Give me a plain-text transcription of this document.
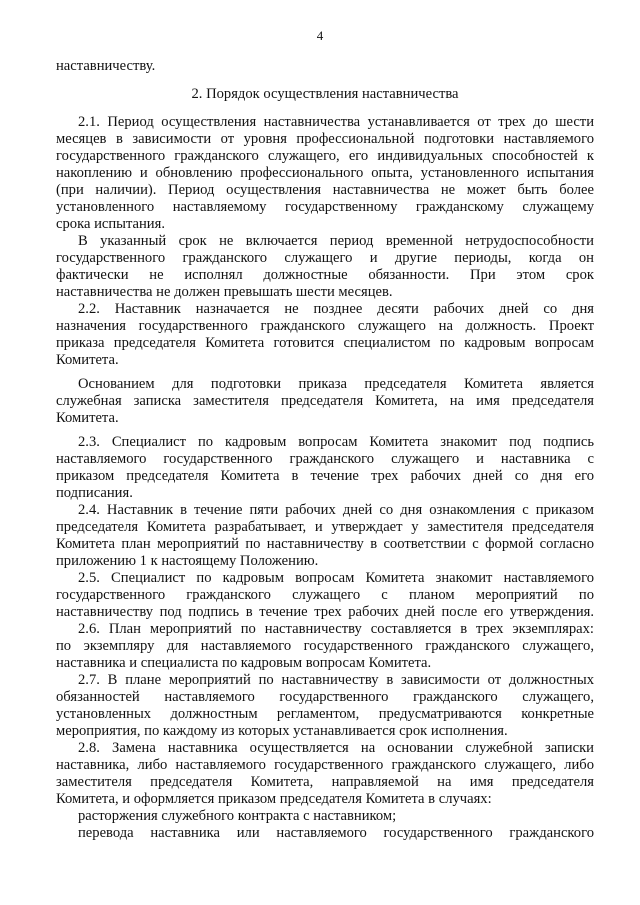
4
наставничеству.
2. Порядок осуществления наставничества
2.1. Период осуществления наставничества устанавливается от трех до шести
месяцев в зависимости от уровня профессиональной подготовки наставляемого
государственного гражданского служащего, его индивидуальных способностей к
накоплению и обновлению профессионального опыта, установленного испытания
(при наличии). Период осуществления наставничества не может быть более
установленного наставляемому государственному гражданскому служащему
срока испытания.
В указанный срок не включается период временной нетрудоспособности
государственного гражданского служащего и другие периоды, когда он
фактически не исполнял должностные обязанности. При этом срок
наставничества не должен превышать шести месяцев.
2.2. Наставник назначается не позднее десяти рабочих дней со дня
назначения государственного гражданского служащего на должность. Проект
приказа председателя Комитета готовится специалистом по кадровым вопросам
Комитета.
Основанием для подготовки приказа председателя Комитета является
служебная записка заместителя председателя Комитета, на имя председателя
Комитета.
2.3. Специалист по кадровым вопросам Комитета знакомит под подпись
наставляемого государственного гражданского служащего и наставника с
приказом председателя Комитета в течение трех рабочих дней со дня его
подписания.
2.4. Наставник в течение пяти рабочих дней со дня ознакомления с приказом
председателя Комитета разрабатывает, и утверждает у заместителя председателя
Комитета план мероприятий по наставничеству в соответствии с формой согласно
приложению 1 к настоящему Положению.
2.5. Специалист по кадровым вопросам Комитета знакомит наставляемого
государственного гражданского служащего с планом мероприятий по
наставничеству под подпись в течение трех рабочих дней после его утверждения.
2.6. План мероприятий по наставничеству составляется в трех экземплярах:
по экземпляру для наставляемого государственного гражданского служащего,
наставника и специалиста по кадровым вопросам Комитета.
2.7. В плане мероприятий по наставничеству в зависимости от должностных
обязанностей наставляемого государственного гражданского служащего,
установленных должностным регламентом, предусматриваются конкретные
мероприятия, по каждому из которых устанавливается срок исполнения.
2.8. Замена наставника осуществляется на основании служебной записки
наставника, либо наставляемого государственного гражданского служащего, либо
заместителя председателя Комитета, направляемой на имя председателя
Комитета, и оформляется приказом председателя Комитета в случаях:
расторжения служебного контракта с наставником;
перевода наставника или наставляемого государственного гражданского
